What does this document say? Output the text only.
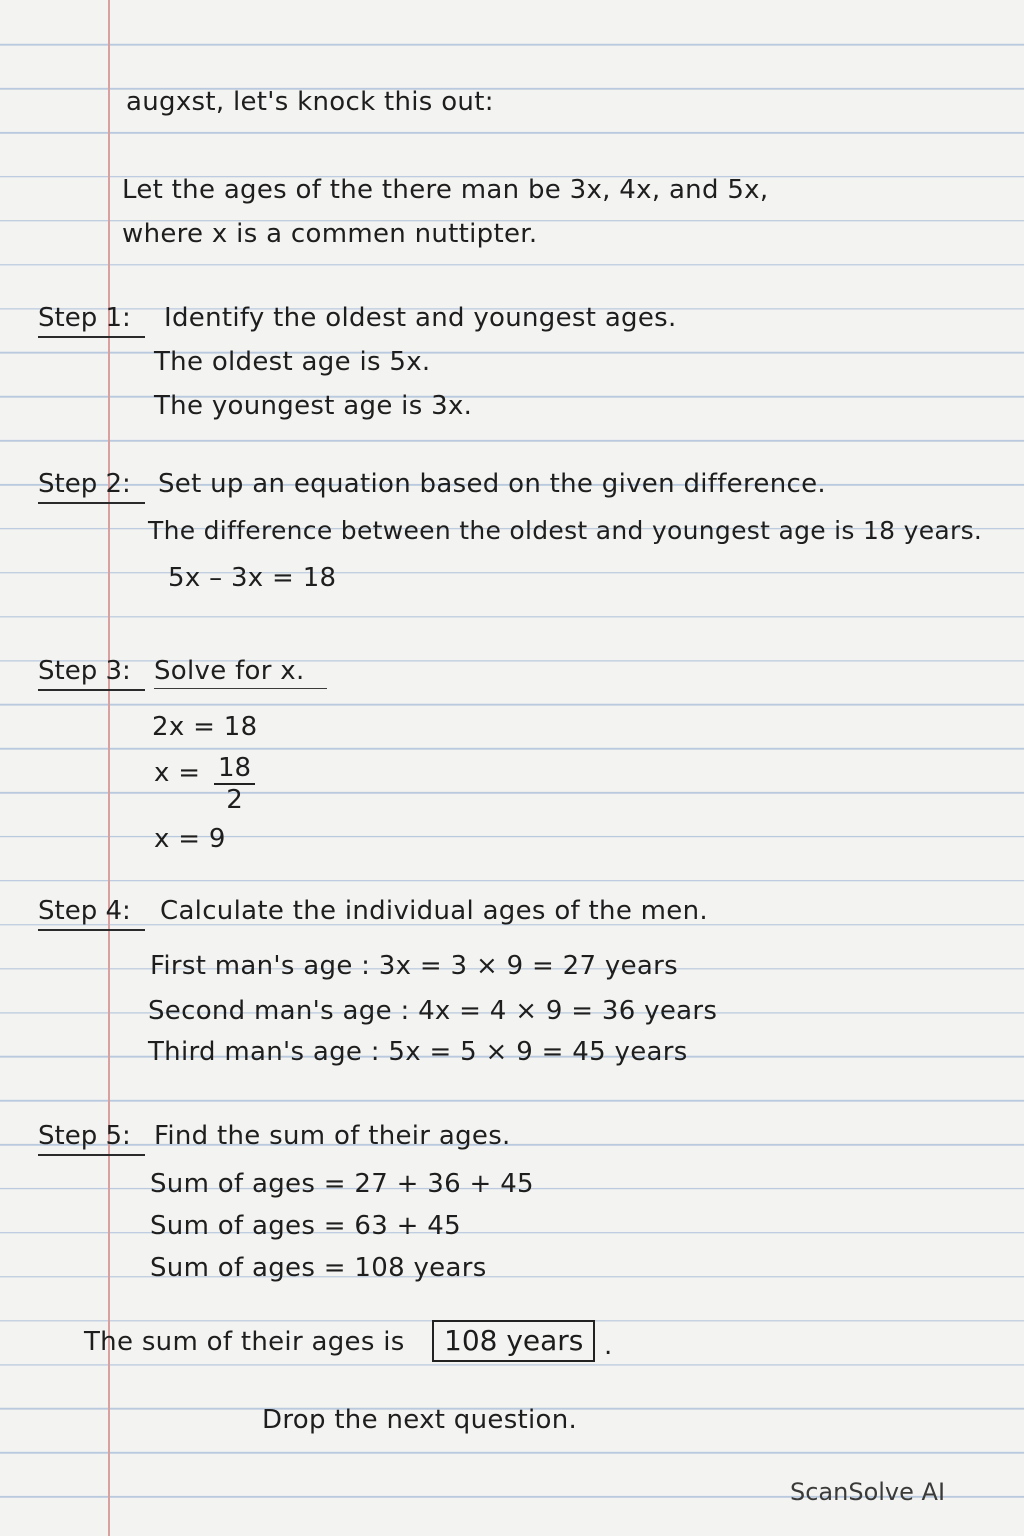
augxst, let's knock this out:
Let the ages of the there man be 3x, 4x, and 5x,
where x is a commen nuttipter.
Step 1:	Identify the oldest and youngest ages.
The oldest age is 5x.
The youngest age is 3x.
Step 2:	Set up an equation based on the given difference.
The difference between the oldest and youngest age is 18 years.
5x – 3x = 18
Step 3: Solve for x.
2x = 18
$x = \frac{18}{2}$
x = 9
Step 4:	Calculate the individual ages of the men.
First man's age : 3x = 3 × 9 = 27 years
Second man's age : 4x = 4 × 9 = 36 years
Third man's age : 5x = 5 × 9 = 45 years
Step 5: Find the sum of their ages.
Sum of ages = 27 + 36 + 45
Sum of ages = 63 + 45
Sum of ages = 108 years
The sum of their ages is	108 years .
Drop the next question.
ScanSolve AI
